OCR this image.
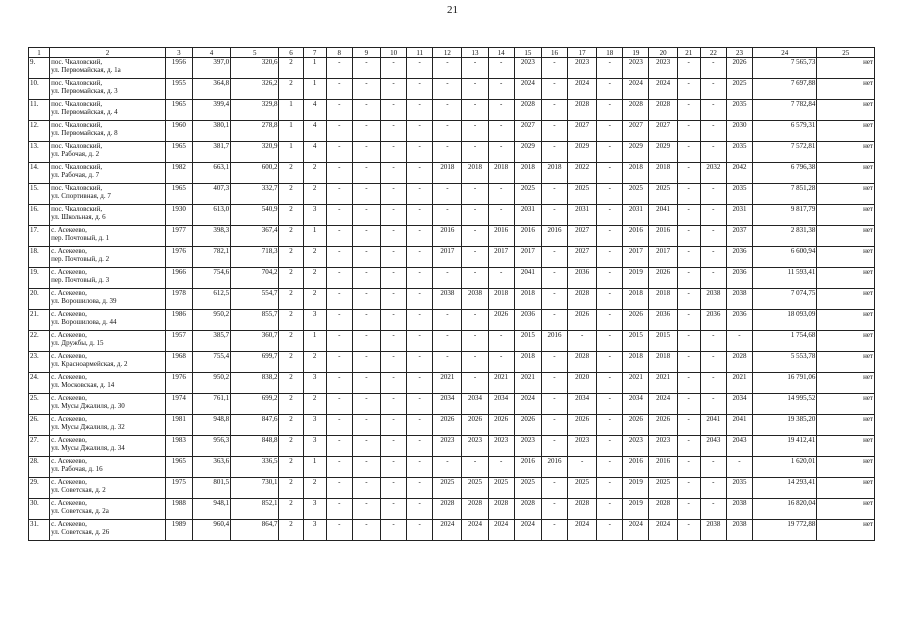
21
1	2	3	4	5	6	7	8	9	10	11	12	13	14	15	16	17	18	19	20	21	22	23	24	25
9.	пос. Чкаловский,
ул. Первомайская, д. 1а	1956	397,0	320,6	2	1	-	-	-	-	-	-	-	2023	-	2023	-	2023	2023	-	-	2026	7 565,73	нет
10.	пос. Чкаловский,
ул. Первомайская, д. 3	1955	364,8	326,2	2	1	-	-	-	-	-	-	-	2024	-	2024	-	2024	2024	-	-	2025	7 697,88	нет
11.	пос. Чкаловский,
ул. Первомайская, д. 4	1965	399,4	329,8	1	4	-	-	-	-	-	-	-	2028	-	2028	-	2028	2028	-	-	2035	7 782,84	нет
12.	пос. Чкаловский,
ул. Первомайская, д. 8	1960	380,1	278,8	1	4	-	-	-	-	-	-	-	2027	-	2027	-	2027	2027	-	-	2030	6 579,31	нет
13.	пос. Чкаловский,
ул. Рабочая, д. 2	1965	381,7	320,9	1	4	-	-	-	-	-	-	-	2029	-	2029	-	2029	2029	-	-	2035	7 572,81	нет
14.	пос. Чкаловский,
ул. Рабочая, д. 7	1982	663,1	600,2	2	2	-	-	-	-	2018	2018	2018	2018	2018	2022	-	2018	2018	-	2032	2042	6 796,38	нет
15.	пос. Чкаловский,
ул. Спортивная, д. 7	1965	407,3	332,7	2	2	-	-	-	-	-	-	-	2025	-	2025	-	2025	2025	-	-	2035	7 851,28	нет
16.	пос. Чкаловский,
ул. Школьная, д. 6	1930	613,0	540,9	2	3	-	-	-	-	-	-	-	2031	-	2031	-	2031	2041	-	-	2031	9 817,79	нет
17.	с. Асекеево,
пер. Почтовый, д. 1	1977	398,3	367,4	2	1	-	-	-	-	2016	-	2016	2016	2016	2027	-	2016	2016	-	-	2037	2 831,38	нет
18.	с. Асекеево,
пер. Почтовый, д. 2	1976	782,1	718,3	2	2	-	-	-	-	2017	-	2017	2017	-	2027	-	2017	2017	-	-	2036	6 600,94	нет
19.	с. Асекеево,
пер. Почтовый, д. 3	1966	754,6	704,2	2	2	-	-	-	-	-	-	-	2041	-	2036	-	2019	2026	-	-	2036	11 593,41	нет
20.	с. Асекеево,
ул. Ворошилова, д. 39	1978	612,5	554,7	2	2	-	-	-	-	2038	2038	2018	2018	-	2028	-	2018	2018	-	2038	2038	7 074,75	нет
21.	с. Асекеево,
ул. Ворошилова, д. 44	1986	950,2	855,7	2	3	-	-	-	-	-	-	2026	2036	-	2026	-	2026	2036	-	2036	2036	18 093,09	нет
22.	с. Асекеево,
ул. Дружбы, д. 15	1957	385,7	360,7	2	1	-	-	-	-	-	-	-	2015	2016	-	-	2015	2015	-	-	-	1 754,68	нет
23.	с. Асекеево,
ул. Красноармейская, д. 2	1968	755,4	699,7	2	2	-	-	-	-	-	-	-	2018	-	2028	-	2018	2018	-	-	2028	5 553,78	нет
24.	с. Асекеево,
ул. Московская, д. 14	1976	950,2	838,2	2	3	-	-	-	-	2021	-	2021	2021	-	2020	-	2021	2021	-	-	2021	16 791,06	нет
25.	с. Асекеево,
ул. Мусы Джалиля, д. 30	1974	761,1	699,2	2	2	-	-	-	-	2034	2034	2034	2024	-	2034	-	2034	2024	-	-	2034	14 995,52	нет
26.	с. Асекеево,
ул. Мусы Джалиля, д. 32	1981	948,8	847,6	2	3	-	-	-	-	2026	2026	2026	2026	-	2026	-	2026	2026	-	2041	2041	19 385,20	нет
27.	с. Асекеево,
ул. Мусы Джалиля, д. 34	1983	956,3	848,8	2	3	-	-	-	-	2023	2023	2023	2023	-	2023	-	2023	2023	-	2043	2043	19 412,41	нет
28.	с. Асекеево,
ул. Рабочая, д. 16	1965	363,6	336,5	2	1	-	-	-	-	-	-	-	2016	2016	-	-	2016	2016	-	-	-	1 620,01	нет
29.	с. Асекеево,
ул. Советская, д. 2	1975	801,5	730,1	2	2	-	-	-	-	2025	2025	2025	2025	-	2025	-	2019	2025	-	-	2035	14 293,41	нет
30.	с. Асекеево,
ул. Советская, д. 2а	1988	948,1	852,1	2	3	-	-	-	-	2028	2028	2028	2028	-	2028	-	2019	2028	-	-	2038	16 820,04	нет
31.	с. Асекеево,
ул. Советская, д. 26	1989	960,4	864,7	2	3	-	-	-	-	2024	2024	2024	2024	-	2024	-	2024	2024	-	2038	2038	19 772,88	нет
